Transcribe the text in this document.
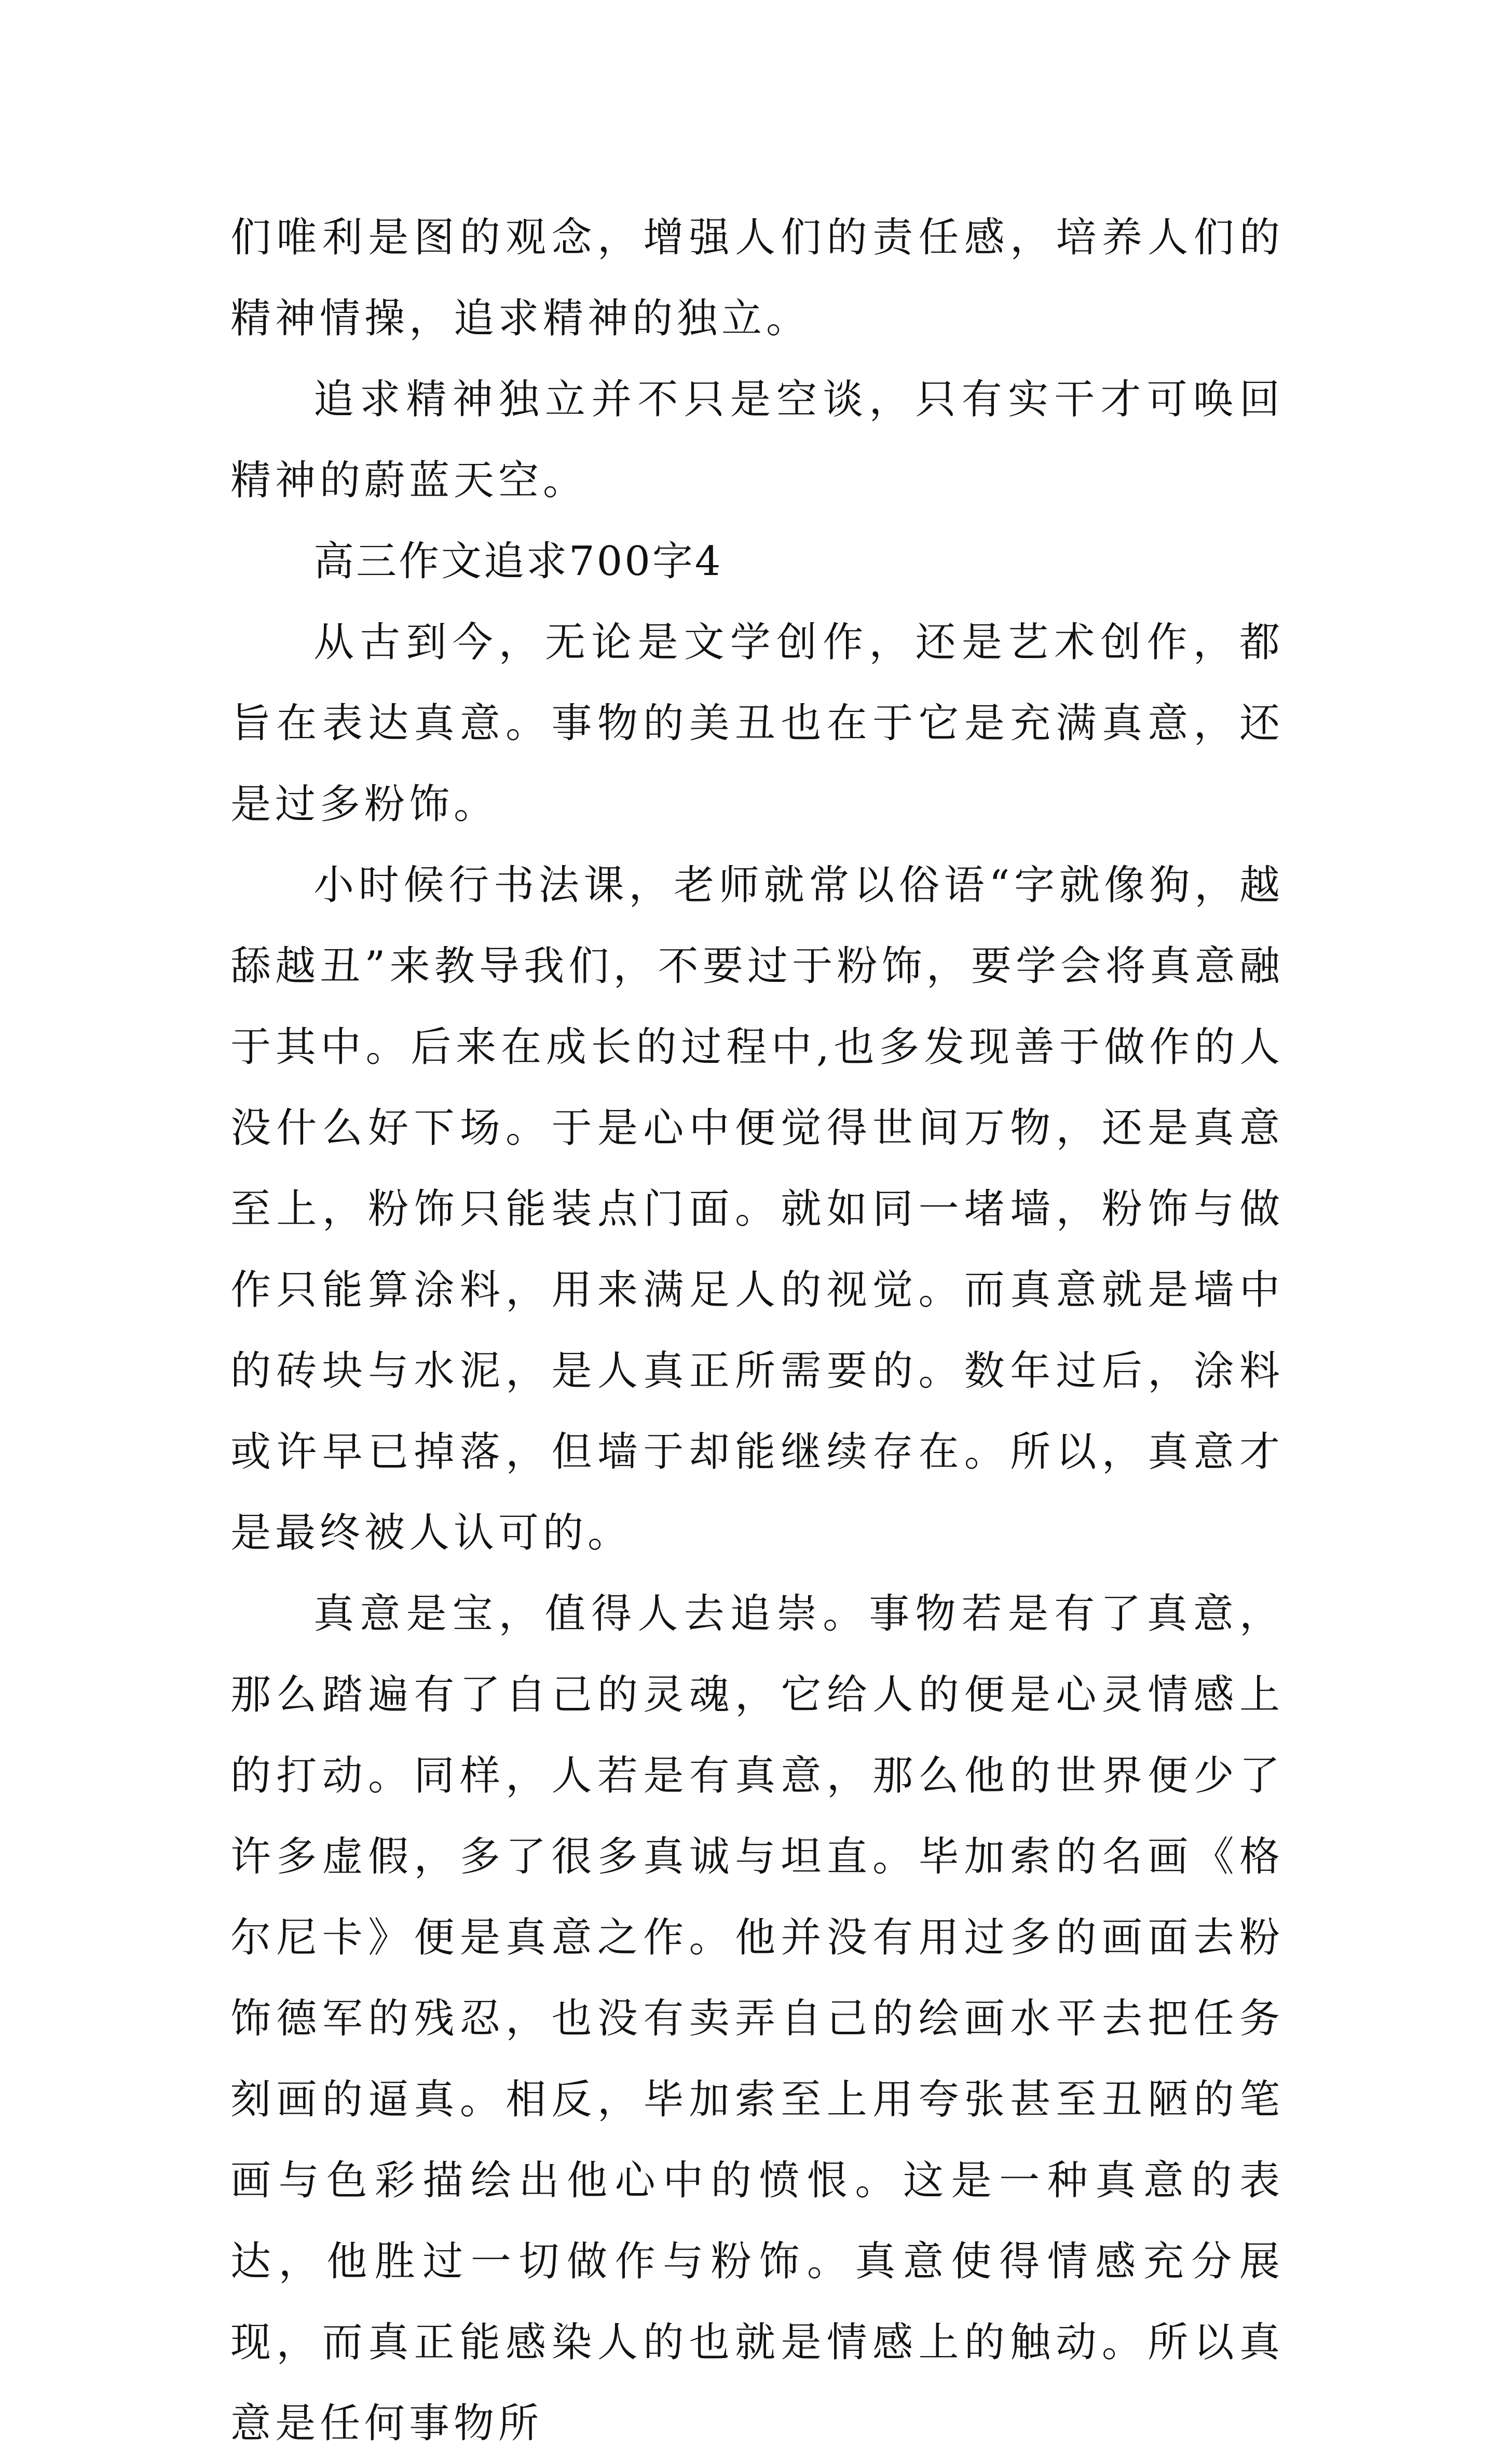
们唯利是图的观念，增强人们的责任感，培养人们的精神情操，追求精神的独立。

追求精神独立并不只是空谈，只有实干才可唤回精神的蔚蓝天空。

高三作文追求700字4

从古到今，无论是文学创作，还是艺术创作，都旨在表达真意。事物的美丑也在于它是充满真意，还是过多粉饰。

小时候行书法课，老师就常以俗语“字就像狗，越舔越丑”来教导我们，不要过于粉饰，要学会将真意融于其中。后来在成长的过程中,也多发现善于做作的人没什么好下场。于是心中便觉得世间万物，还是真意至上，粉饰只能装点门面。就如同一堵墙，粉饰与做作只能算涂料，用来满足人的视觉。而真意就是墙中的砖块与水泥，是人真正所需要的。数年过后，涂料或许早已掉落，但墙于却能继续存在。所以，真意才是最终被人认可的。

真意是宝，值得人去追崇。事物若是有了真意，那么踏遍有了自己的灵魂，它给人的便是心灵情感上的打动。同样，人若是有真意，那么他的世界便少了许多虚假，多了很多真诚与坦直。毕加索的名画《格尔尼卡》便是真意之作。他并没有用过多的画面去粉饰德军的残忍，也没有卖弄自己的绘画水平去把任务刻画的逼真。相反，毕加索至上用夸张甚至丑陋的笔画与色彩描绘出他心中的愤恨。这是一种真意的表达，他胜过一切做作与粉饰。真意使得情感充分展现，而真正能感染人的也就是情感上的触动。所以真意是任何事物所
